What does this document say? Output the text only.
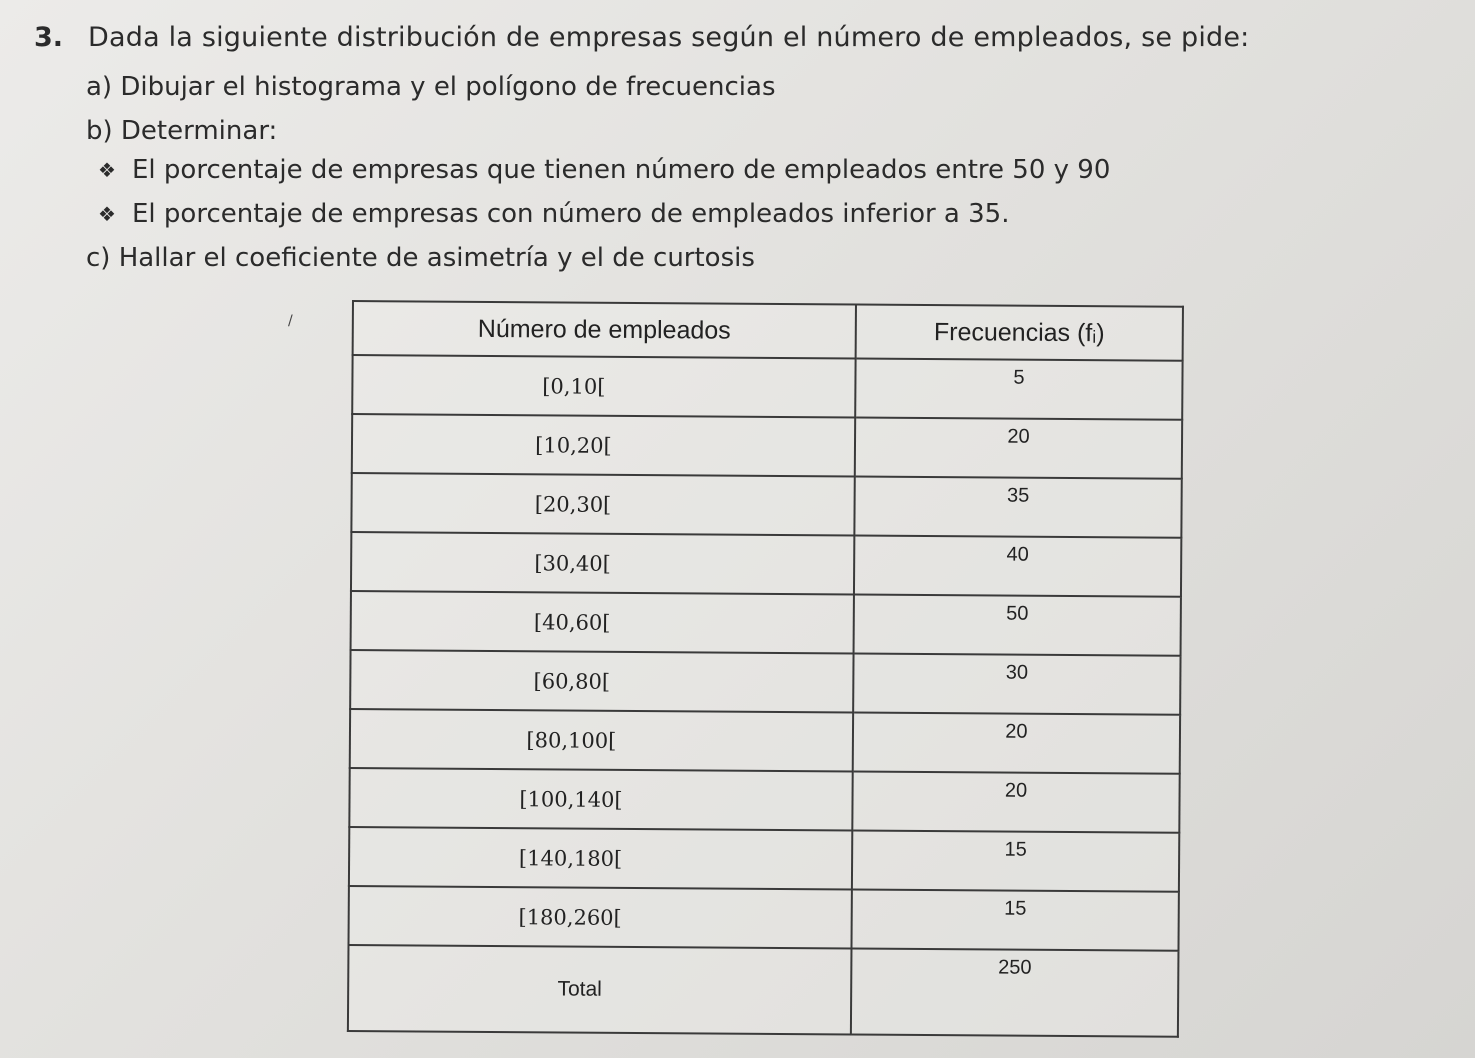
3. Dada la siguiente distribución de empresas según el número de empleados, se pide:
a) Dibujar el histograma y el polígono de frecuencias
b) Determinar:
❖ El porcentaje de empresas que tienen número de empleados entre 50 y 90
❖ El porcentaje de empresas con número de empleados inferior a 35.
c) Hallar el coeficiente de asimetría y el de curtosis
/	Número de empleados	Frecuencias (fᵢ)
[0,10[	5
[10,20[	20
[20,30[	35
[30,40[	40
[40,60[	50
[60,80[	30
[80,100[	20
[100,140[	20
[140,180[	15
[180,260[	15
Total	250
